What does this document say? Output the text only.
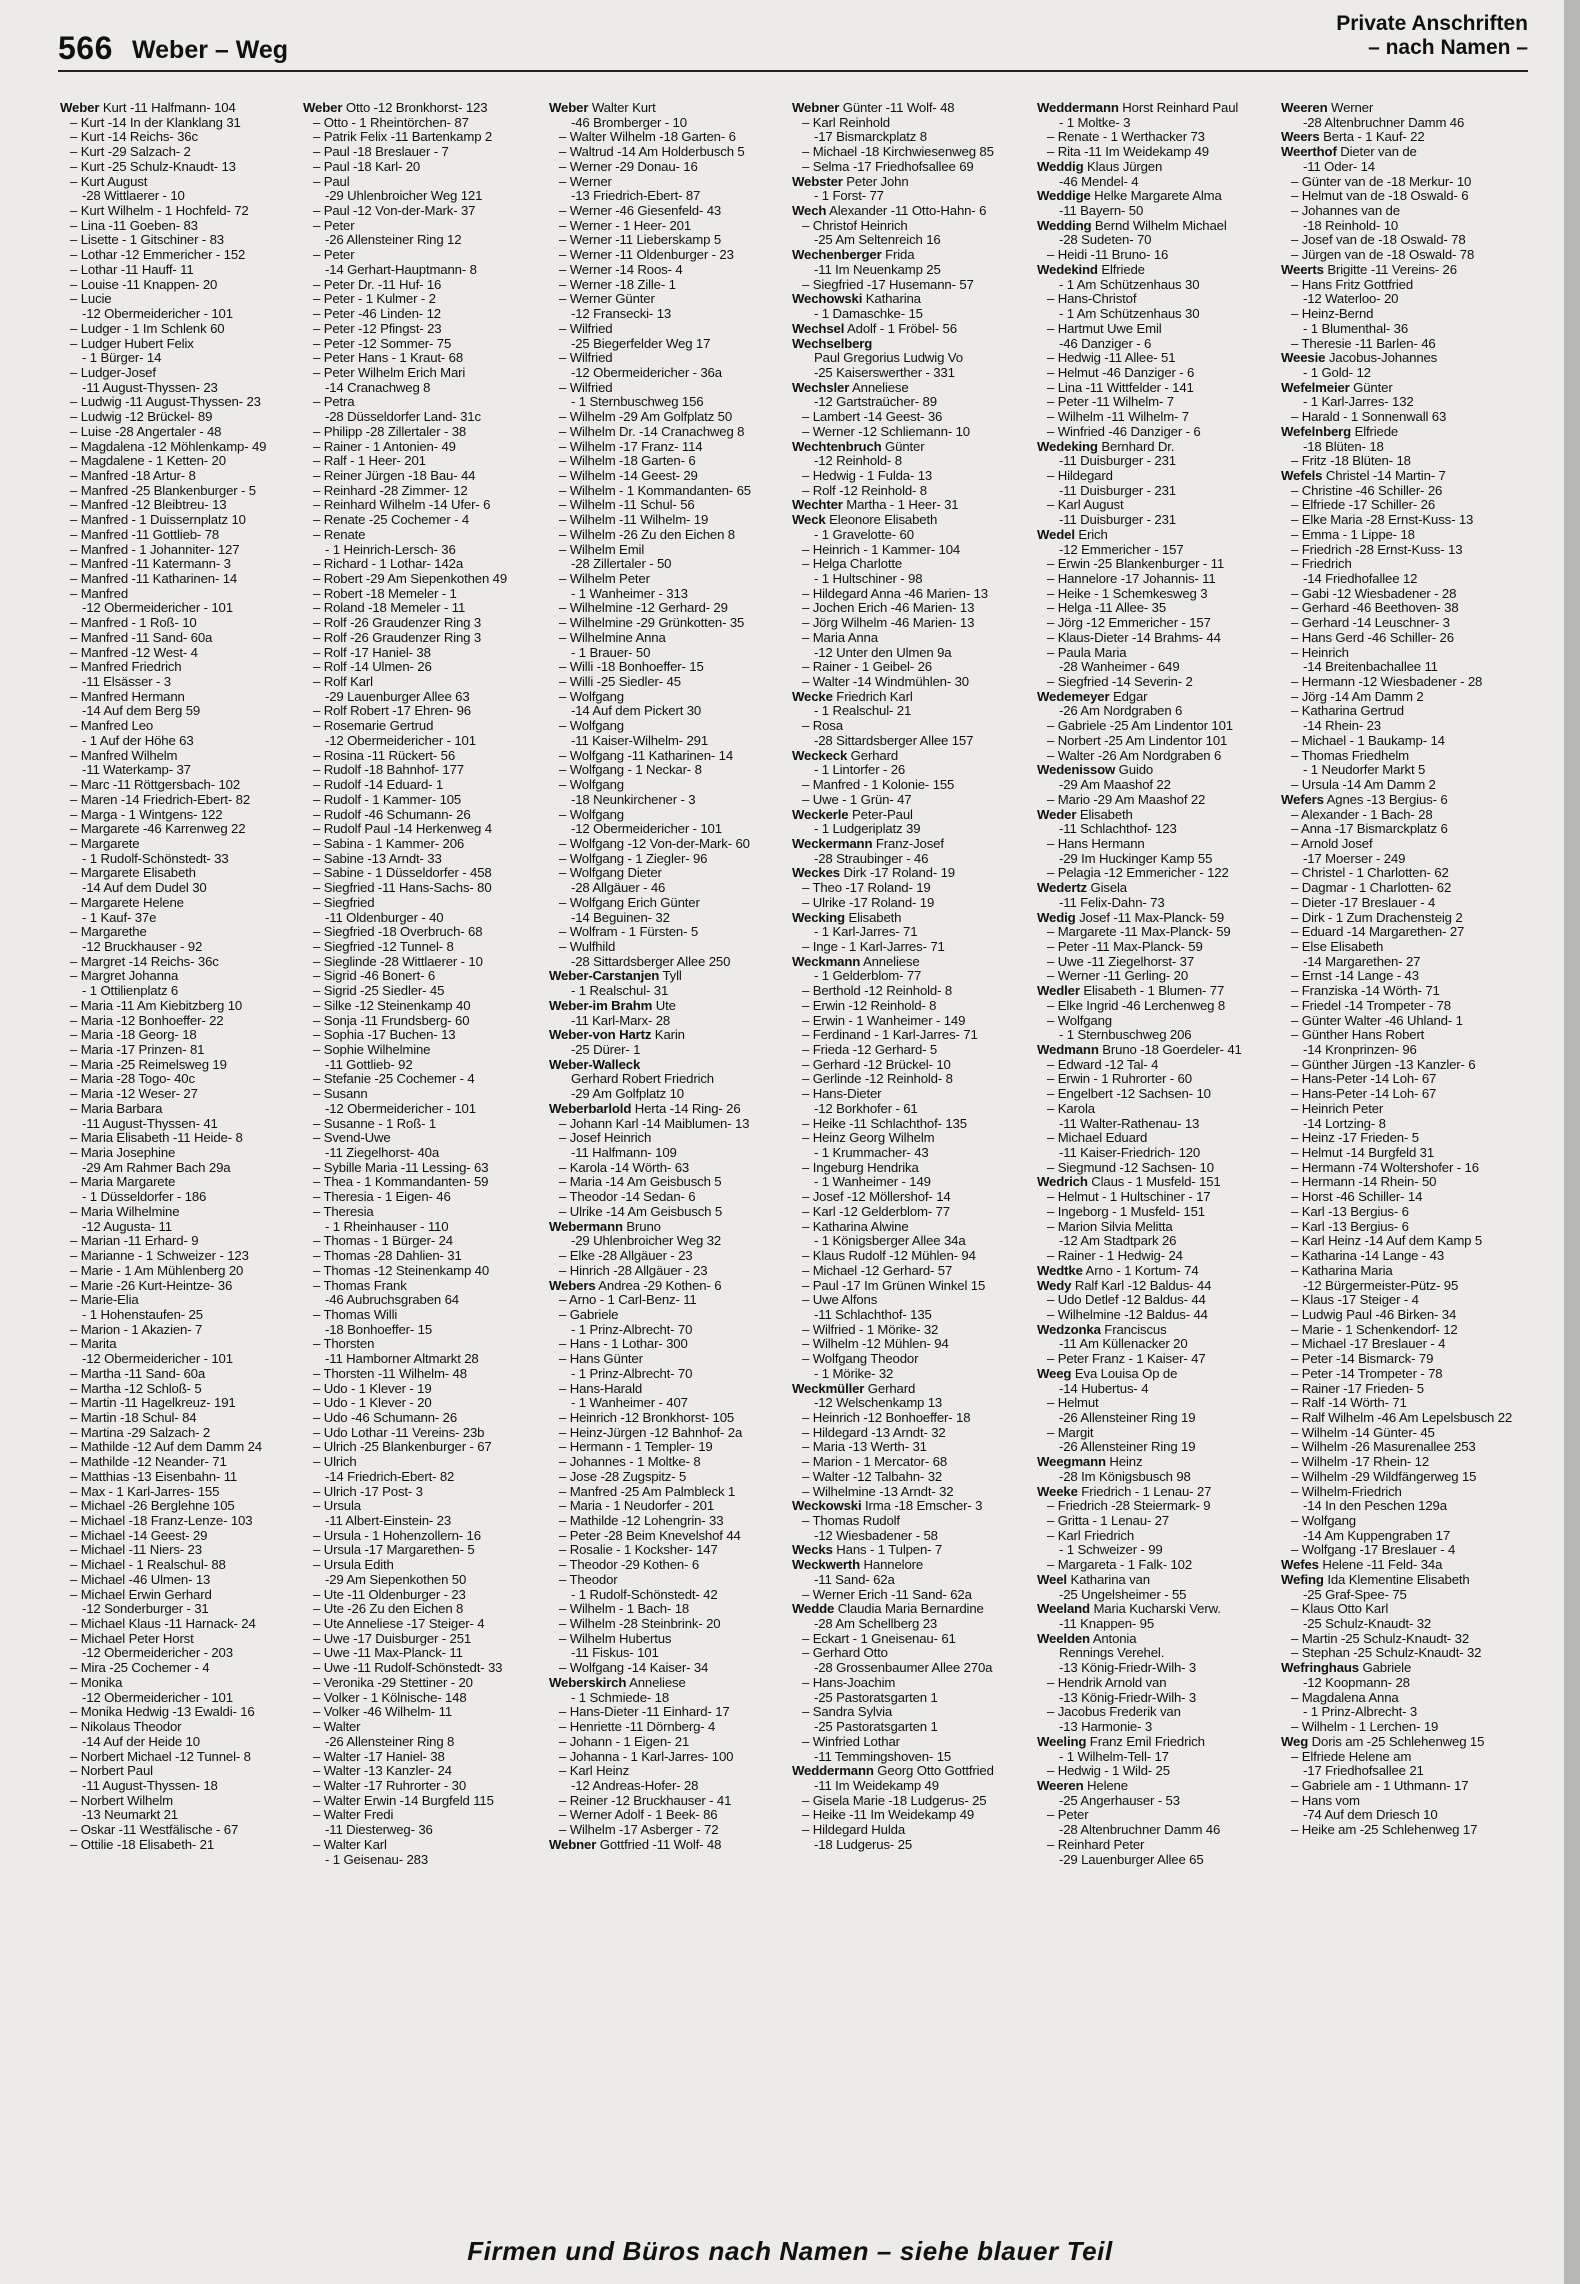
566 Weber – Weg
Private Anschriften
– nach Namen –
Weber Kurt -11 Halfmann- 104
– Kurt -14 In der Klanklang 31
– Kurt -14 Reichs- 36c
– Kurt -29 Salzach- 2
– Kurt -25 Schulz-Knaudt- 13
– Kurt August
-28 Wittlaerer - 10
– Kurt Wilhelm - 1 Hochfeld- 72
– Lina -11 Goeben- 83
– Lisette - 1 Gitschiner - 83
– Lothar -12 Emmericher - 152
– Lothar -11 Hauff- 11
– Louise -11 Knappen- 20
– Lucie
-12 Obermeidericher - 101
– Ludger - 1 Im Schlenk 60
– Ludger Hubert Felix
- 1 Bürger- 14
– Ludger-Josef
-11 August-Thyssen- 23
– Ludwig -11 August-Thyssen- 23
– Ludwig -12 Brückel- 89
– Luise -28 Angertaler - 48
– Magdalena -12 Möhlenkamp- 49
– Magdalene - 1 Ketten- 20
– Manfred -18 Artur- 8
– Manfred -25 Blankenburger - 5
– Manfred -12 Bleibtreu- 13
– Manfred - 1 Duissernplatz 10
– Manfred -11 Gottlieb- 78
– Manfred - 1 Johanniter- 127
– Manfred -11 Katermann- 3
– Manfred -11 Katharinen- 14
– Manfred
-12 Obermeidericher - 101
– Manfred - 1 Roß- 10
– Manfred -11 Sand- 60a
– Manfred -12 West- 4
– Manfred Friedrich
-11 Elsässer - 3
– Manfred Hermann
-14 Auf dem Berg 59
– Manfred Leo
- 1 Auf der Höhe 63
– Manfred Wilhelm
-11 Waterkamp- 37
– Marc -11 Röttgersbach- 102
– Maren -14 Friedrich-Ebert- 82
– Marga - 1 Wintgens- 122
– Margarete -46 Karrenweg 22
– Margarete
- 1 Rudolf-Schönstedt- 33
– Margarete Elisabeth
-14 Auf dem Dudel 30
– Margarete Helene
- 1 Kauf- 37e
– Margarethe
-12 Bruckhauser - 92
– Margret -14 Reichs- 36c
– Margret Johanna
- 1 Ottilienplatz 6
– Maria -11 Am Kiebitzberg 10
– Maria -12 Bonhoeffer- 22
– Maria -18 Georg- 18
– Maria -17 Prinzen- 81
– Maria -25 Reimelsweg 19
– Maria -28 Togo- 40c
– Maria -12 Weser- 27
– Maria Barbara
-11 August-Thyssen- 41
– Maria Elisabeth -11 Heide- 8
– Maria Josephine
-29 Am Rahmer Bach 29a
– Maria Margarete
- 1 Düsseldorfer - 186
– Maria Wilhelmine
-12 Augusta- 11
– Marian -11 Erhard- 9
– Marianne - 1 Schweizer - 123
– Marie - 1 Am Mühlenberg 20
– Marie -26 Kurt-Heintze- 36
– Marie-Elia
- 1 Hohenstaufen- 25
– Marion - 1 Akazien- 7
– Marita
-12 Obermeidericher - 101
– Martha -11 Sand- 60a
– Martha -12 Schloß- 5
– Martin -11 Hagelkreuz- 191
– Martin -18 Schul- 84
– Martina -29 Salzach- 2
– Mathilde -12 Auf dem Damm 24
– Mathilde -12 Neander- 71
– Matthias -13 Eisenbahn- 11
– Max - 1 Karl-Jarres- 155
– Michael -26 Berglehne 105
– Michael -18 Franz-Lenze- 103
– Michael -14 Geest- 29
– Michael -11 Niers- 23
– Michael - 1 Realschul- 88
– Michael -46 Ulmen- 13
– Michael Erwin Gerhard
-12 Sonderburger - 31
– Michael Klaus -11 Harnack- 24
– Michael Peter Horst
-12 Obermeidericher - 203
– Mira -25 Cochemer - 4
– Monika
-12 Obermeidericher - 101
– Monika Hedwig -13 Ewaldi- 16
– Nikolaus Theodor
-14 Auf der Heide 10
– Norbert Michael -12 Tunnel- 8
– Norbert Paul
-11 August-Thyssen- 18
– Norbert Wilhelm
-13 Neumarkt 21
– Oskar -11 Westfälische - 67
– Ottilie -18 Elisabeth- 21
Weber Otto -12 Bronkhorst- 123
– Otto - 1 Rheintörchen- 87
– Patrik Felix -11 Bartenkamp 2
– Paul -18 Breslauer - 7
– Paul -18 Karl- 20
– Paul
-29 Uhlenbroicher Weg 121
– Paul -12 Von-der-Mark- 37
– Peter
-26 Allensteiner Ring 12
– Peter
-14 Gerhart-Hauptmann- 8
– Peter Dr. -11 Huf- 16
– Peter - 1 Kulmer - 2
– Peter -46 Linden- 12
– Peter -12 Pfingst- 23
– Peter -12 Sommer- 75
– Peter Hans - 1 Kraut- 68
– Peter Wilhelm Erich Mari
-14 Cranachweg 8
– Petra
-28 Düsseldorfer Land- 31c
– Philipp -28 Zillertaler - 38
– Rainer - 1 Antonien- 49
– Ralf - 1 Heer- 201
– Reiner Jürgen -18 Bau- 44
– Reinhard -28 Zimmer- 12
– Reinhard Wilhelm -14 Ufer- 6
– Renate -25 Cochemer - 4
– Renate
- 1 Heinrich-Lersch- 36
– Richard - 1 Lothar- 142a
– Robert -29 Am Siepenkothen 49
– Robert -18 Memeler - 1
– Roland -18 Memeler - 11
– Rolf -26 Graudenzer Ring 3
– Rolf -26 Graudenzer Ring 3
– Rolf -17 Haniel- 38
– Rolf -14 Ulmen- 26
– Rolf Karl
-29 Lauenburger Allee 63
– Rolf Robert -17 Ehren- 96
– Rosemarie Gertrud
-12 Obermeidericher - 101
– Rosina -11 Rückert- 56
– Rudolf -18 Bahnhof- 177
– Rudolf -14 Eduard- 1
– Rudolf - 1 Kammer- 105
– Rudolf -46 Schumann- 26
– Rudolf Paul -14 Herkenweg 4
– Sabina - 1 Kammer- 206
– Sabine -13 Arndt- 33
– Sabine - 1 Düsseldorfer - 458
– Siegfried -11 Hans-Sachs- 80
– Siegfried
-11 Oldenburger - 40
– Siegfried -18 Overbruch- 68
– Siegfried -12 Tunnel- 8
– Sieglinde -28 Wittlaerer - 10
– Sigrid -46 Bonert- 6
– Sigrid -25 Siedler- 45
– Silke -12 Steinenkamp 40
– Sonja -11 Frundsberg- 60
– Sophia -17 Buchen- 13
– Sophie Wilhelmine
-11 Gottlieb- 92
– Stefanie -25 Cochemer - 4
– Susann
-12 Obermeidericher - 101
– Susanne - 1 Roß- 1
– Svend-Uwe
-11 Ziegelhorst- 40a
– Sybille Maria -11 Lessing- 63
– Thea - 1 Kommandanten- 59
– Theresia - 1 Eigen- 46
– Theresia
- 1 Rheinhauser - 110
– Thomas - 1 Bürger- 24
– Thomas -28 Dahlien- 31
– Thomas -12 Steinenkamp 40
– Thomas Frank
-46 Aubruchsgraben 64
– Thomas Willi
-18 Bonhoeffer- 15
– Thorsten
-11 Hamborner Altmarkt 28
– Thorsten -11 Wilhelm- 48
– Udo - 1 Klever - 19
– Udo - 1 Klever - 20
– Udo -46 Schumann- 26
– Udo Lothar -11 Vereins- 23b
– Ulrich -25 Blankenburger - 67
– Ulrich
-14 Friedrich-Ebert- 82
– Ulrich -17 Post- 3
– Ursula
-11 Albert-Einstein- 23
– Ursula - 1 Hohenzollern- 16
– Ursula -17 Margarethen- 5
– Ursula Edith
-29 Am Siepenkothen 50
– Ute -11 Oldenburger - 23
– Ute -26 Zu den Eichen 8
– Ute Anneliese -17 Steiger- 4
– Uwe -17 Duisburger - 251
– Uwe -11 Max-Planck- 11
– Uwe -11 Rudolf-Schönstedt- 33
– Veronika -29 Stettiner - 20
– Volker - 1 Kölnische- 148
– Volker -46 Wilhelm- 11
– Walter
-26 Allensteiner Ring 8
– Walter -17 Haniel- 38
– Walter -13 Kanzler- 24
– Walter -17 Ruhrorter - 30
– Walter Erwin -14 Burgfeld 115
– Walter Fredi
-11 Diesterweg- 36
– Walter Karl
- 1 Geisenau- 283
Weber Walter Kurt
-46 Bromberger - 10
– Walter Wilhelm -18 Garten- 6
– Waltrud -14 Am Holderbusch 5
– Werner -29 Donau- 16
– Werner
-13 Friedrich-Ebert- 87
– Werner -46 Giesenfeld- 43
– Werner - 1 Heer- 201
– Werner -11 Lieberskamp 5
– Werner -11 Oldenburger - 23
– Werner -14 Roos- 4
– Werner -18 Zille- 1
– Werner Günter
-12 Franseckі- 13
– Wilfried
-25 Biegerfelder Weg 17
– Wilfried
-12 Obermeidericher - 36a
– Wilfried
- 1 Sternbuschweg 156
– Wilhelm -29 Am Golfplatz 50
– Wilhelm Dr. -14 Cranachweg 8
– Wilhelm -17 Franz- 114
– Wilhelm -18 Garten- 6
– Wilhelm -14 Geest- 29
– Wilhelm - 1 Kommandanten- 65
– Wilhelm -11 Schul- 56
– Wilhelm -11 Wilhelm- 19
– Wilhelm -26 Zu den Eichen 8
– Wilhelm Emil
-28 Zillertaler - 50
– Wilhelm Peter
- 1 Wanheimer - 313
– Wilhelmine -12 Gerhard- 29
– Wilhelmine -29 Grünkotten- 35
– Wilhelmine Anna
- 1 Brauer- 50
– Willi -18 Bonhoeffer- 15
– Willi -25 Siedler- 45
– Wolfgang
-14 Auf dem Pickert 30
– Wolfgang
-11 Kaiser-Wilhelm- 291
– Wolfgang -11 Katharinen- 14
– Wolfgang - 1 Neckar- 8
– Wolfgang
-18 Neunkirchener - 3
– Wolfgang
-12 Obermeidericher - 101
– Wolfgang -12 Von-der-Mark- 60
– Wolfgang - 1 Ziegler- 96
– Wolfgang Dieter
-28 Allgäuer - 46
– Wolfgang Erich Günter
-14 Beguinen- 32
– Wolfram - 1 Fürsten- 5
– Wulfhild
-28 Sittardsberger Allee 250
Weber-Carstanjen Tyll
- 1 Realschul- 31
Weber-im Brahm Ute
-11 Karl-Marx- 28
Weber-von Hartz Karin
-25 Dürer- 1
Weber-Walleck
Gerhard Robert Friedrich
-29 Am Golfplatz 10
Weberbarlold Herta -14 Ring- 26
– Johann Karl -14 Maiblumen- 13
– Josef Heinrich
-11 Halfmann- 109
– Karola -14 Wörth- 63
– Maria -14 Am Geisbusch 5
– Theodor -14 Sedan- 6
– Ulrike -14 Am Geisbusch 5
Webermann Bruno
-29 Uhlenbroicher Weg 32
– Elke -28 Allgäuer - 23
– Hinrich -28 Allgäuer - 23
Webers Andrea -29 Kothen- 6
– Arno - 1 Carl-Benz- 11
– Gabriele
- 1 Prinz-Albrecht- 70
– Hans - 1 Lothar- 300
– Hans Günter
- 1 Prinz-Albrecht- 70
– Hans-Harald
- 1 Wanheimer - 407
– Heinrich -12 Bronkhorst- 105
– Heinz-Jürgen -12 Bahnhof- 2a
– Hermann - 1 Templer- 19
– Johannes - 1 Moltke- 8
– Jose -28 Zugspitz- 5
– Manfred -25 Am Palmbleck 1
– Maria - 1 Neudorfer - 201
– Mathilde -12 Lohengrin- 33
– Peter -28 Beim Knevelshof 44
– Rosalie - 1 Kocksher- 147
– Theodor -29 Kothen- 6
– Theodor
- 1 Rudolf-Schönstedt- 42
– Wilhelm - 1 Bach- 18
– Wilhelm -28 Steinbrink- 20
– Wilhelm Hubertus
-11 Fiskus- 101
– Wolfgang -14 Kaiser- 34
Weberskirch Anneliese
- 1 Schmiede- 18
– Hans-Dieter -11 Einhard- 17
– Henriette -11 Dörnberg- 4
– Johann - 1 Eigen- 21
– Johanna - 1 Karl-Jarres- 100
– Karl Heinz
-12 Andreas-Hofer- 28
– Reiner -12 Bruckhauser - 41
– Werner Adolf - 1 Beek- 86
– Wilhelm -17 Asberger - 72
Webner Gottfried -11 Wolf- 48
Webner Günter -11 Wolf- 48
– Karl Reinhold
-17 Bismarckplatz 8
– Michael -18 Kirchwiesenweg 85
– Selma -17 Friedhofsallee 69
Webster Peter John
- 1 Forst- 77
Wech Alexander -11 Otto-Hahn- 6
– Christof Heinrich
-25 Am Seltenreich 16
Wechenberger Frida
-11 Im Neuenkamp 25
– Siegfried -17 Husemann- 57
Wechowski Katharina
- 1 Damaschke- 15
Wechsel Adolf - 1 Fröbel- 56
Wechselberg
Paul Gregorius Ludwig Vo
-25 Kaiserswerther - 331
Wechsler Anneliese
-12 Gartstraücher- 89
– Lambert -14 Geest- 36
– Werner -12 Schliemann- 10
Wechtenbruch Günter
-12 Reinhold- 8
– Hedwig - 1 Fulda- 13
– Rolf -12 Reinhold- 8
Wechter Martha - 1 Heer- 31
Weck Eleonore Elisabeth
- 1 Gravelotte- 60
– Heinrich - 1 Kammer- 104
– Helga Charlotte
- 1 Hultschiner - 98
– Hildegard Anna -46 Marien- 13
– Jochen Erich -46 Marien- 13
– Jörg Wilhelm -46 Marien- 13
– Maria Anna
-12 Unter den Ulmen 9a
– Rainer - 1 Geibel- 26
– Walter -14 Windmühlen- 30
Wecke Friedrich Karl
- 1 Realschul- 21
– Rosa
-28 Sittardsberger Allee 157
Weckeck Gerhard
- 1 Lintorfer - 26
– Manfred - 1 Kolonie- 155
– Uwe - 1 Grün- 47
Weckerle Peter-Paul
- 1 Ludgeriplatz 39
Weckermann Franz-Josef
-28 Straubinger - 46
Weckes Dirk -17 Roland- 19
– Theo -17 Roland- 19
– Ulrike -17 Roland- 19
Wecking Elisabeth
- 1 Karl-Jarres- 71
– Inge - 1 Karl-Jarres- 71
Weckmann Anneliese
- 1 Gelderblom- 77
– Berthold -12 Reinhold- 8
– Erwin -12 Reinhold- 8
– Erwin - 1 Wanheimer - 149
– Ferdinand - 1 Karl-Jarres- 71
– Frieda -12 Gerhard- 5
– Gerhard -12 Brückel- 10
– Gerlinde -12 Reinhold- 8
– Hans-Dieter
-12 Borkhofer - 61
– Heike -11 Schlachthof- 135
– Heinz Georg Wilhelm
- 1 Krummacher- 43
– Ingeburg Hendrika
- 1 Wanheimer - 149
– Josef -12 Möllershof- 14
– Karl -12 Gelderblom- 77
– Katharina Alwine
- 1 Königsberger Allee 34a
– Klaus Rudolf -12 Mühlen- 94
– Michael -12 Gerhard- 57
– Paul -17 Im Grünen Winkel 15
– Uwe Alfons
-11 Schlachthof- 135
– Wilfried - 1 Mörike- 32
– Wilhelm -12 Mühlen- 94
– Wolfgang Theodor
- 1 Mörike- 32
Weckmüller Gerhard
-12 Welschenkamp 13
– Heinrich -12 Bonhoeffer- 18
– Hildegard -13 Arndt- 32
– Maria -13 Werth- 31
– Marion - 1 Mercator- 68
– Walter -12 Talbahn- 32
– Wilhelmine -13 Arndt- 32
Weckowski Irma -18 Emscher- 3
– Thomas Rudolf
-12 Wiesbadener - 58
Wecks Hans - 1 Tulpen- 7
Weckwerth Hannelore
-11 Sand- 62a
– Werner Erich -11 Sand- 62a
Wedde Claudia Maria Bernardine
-28 Am Schellberg 23
– Eckart - 1 Gneisenau- 61
– Gerhard Otto
-28 Grossenbaumer Allee 270a
– Hans-Joachim
-25 Pastoratsgarten 1
– Sandra Sylvia
-25 Pastoratsgarten 1
– Winfried Lothar
-11 Temmingshoven- 15
Weddermann Georg Otto Gottfried
-11 Im Weidekamp 49
– Gisela Marie -18 Ludgerus- 25
– Heike -11 Im Weidekamp 49
– Hildegard Hulda
-18 Ludgerus- 25
Weddermann Horst Reinhard Paul
- 1 Moltke- 3
– Renate - 1 Werthacker 73
– Rita -11 Im Weidekamp 49
Weddig Klaus Jürgen
-46 Mendel- 4
Weddige Helke Margarete Alma
-11 Bayern- 50
Wedding Bernd Wilhelm Michael
-28 Sudeten- 70
– Heidi -11 Bruno- 16
Wedekind Elfriede
- 1 Am Schützenhaus 30
– Hans-Christof
- 1 Am Schützenhaus 30
– Hartmut Uwe Emil
-46 Danziger - 6
– Hedwig -11 Allee- 51
– Helmut -46 Danziger - 6
– Lina -11 Wittfelder - 141
– Peter -11 Wilhelm- 7
– Wilhelm -11 Wilhelm- 7
– Winfried -46 Danziger - 6
Wedeking Bernhard Dr.
-11 Duisburger - 231
– Hildegard
-11 Duisburger - 231
– Karl August
-11 Duisburger - 231
Wedel Erich
-12 Emmericher - 157
– Erwin -25 Blankenburger - 11
– Hannelore -17 Johannis- 11
– Heike - 1 Schemkesweg 3
– Helga -11 Allee- 35
– Jörg -12 Emmericher - 157
– Klaus-Dieter -14 Brahms- 44
– Paula Maria
-28 Wanheimer - 649
– Siegfried -14 Severin- 2
Wedemeyer Edgar
-26 Am Nordgraben 6
– Gabriele -25 Am Lindentor 101
– Norbert -25 Am Lindentor 101
– Walter -26 Am Nordgraben 6
Wedenissow Guido
-29 Am Maashof 22
– Mario -29 Am Maashof 22
Weder Elisabeth
-11 Schlachthof- 123
– Hans Hermann
-29 Im Huckinger Kamp 55
– Pelagia -12 Emmericher - 122
Wedertz Gisela
-11 Felix-Dahn- 73
Wedig Josef -11 Max-Planck- 59
– Margarete -11 Max-Planck- 59
– Peter -11 Max-Planck- 59
– Uwe -11 Ziegelhorst- 37
– Werner -11 Gerling- 20
Wedler Elisabeth - 1 Blumen- 77
– Elke Ingrid -46 Lerchenweg 8
– Wolfgang
- 1 Sternbuschweg 206
Wedmann Bruno -18 Goerdeler- 41
– Edward -12 Tal- 4
– Erwin - 1 Ruhrorter - 60
– Engelbert -12 Sachsen- 10
– Karola
-11 Walter-Rathenau- 13
– Michael Eduard
-11 Kaiser-Friedrich- 120
– Siegmund -12 Sachsen- 10
Wedrich Claus - 1 Musfeld- 151
– Helmut - 1 Hultschiner - 17
– Ingeborg - 1 Musfeld- 151
– Marion Silvia Melitta
-12 Am Stadtpark 26
– Rainer - 1 Hedwig- 24
Wedtke Arno - 1 Kortum- 74
Wedy Ralf Karl -12 Baldus- 44
– Udo Detlef -12 Baldus- 44
– Wilhelmine -12 Baldus- 44
Wedzonka Franciscus
-11 Am Küllenacker 20
– Peter Franz - 1 Kaiser- 47
Weeg Eva Louisa Op de
-14 Hubertus- 4
– Helmut
-26 Allensteiner Ring 19
– Margit
-26 Allensteiner Ring 19
Weegmann Heinz
-28 Im Königsbusch 98
Weeke Friedrich - 1 Lenau- 27
– Friedrich -28 Steiermark- 9
– Gritta - 1 Lenau- 27
– Karl Friedrich
- 1 Schweizer - 99
– Margareta - 1 Falk- 102
Weel Katharina van
-25 Ungelsheimer - 55
Weeland Maria Kucharski Verw.
-11 Knappen- 95
Weelden Antonia
Rennings Verehel.
-13 König-Friedr-Wilh- 3
– Hendrik Arnold van
-13 König-Friedr-Wilh- 3
– Jacobus Frederik van
-13 Harmonie- 3
Weeling Franz Emil Friedrich
- 1 Wilhelm-Tell- 17
– Hedwig - 1 Wild- 25
Weeren Helene
-25 Angerhauser - 53
– Peter
-28 Altenbruchner Damm 46
– Reinhard Peter
-29 Lauenburger Allee 65
Weeren Werner
-28 Altenbruchner Damm 46
Weers Berta - 1 Kauf- 22
Weerthof Dieter van de
-11 Oder- 14
– Günter van de -18 Merkur- 10
– Helmut van de -18 Oswald- 6
– Johannes van de
-18 Reinhold- 10
– Josef van de -18 Oswald- 78
– Jürgen van de -18 Oswald- 78
Weerts Brigitte -11 Vereins- 26
– Hans Fritz Gottfried
-12 Waterloo- 20
– Heinz-Bernd
- 1 Blumenthal- 36
– Theresie -11 Barlen- 46
Weesie Jacobus-Johannes
- 1 Gold- 12
Wefelmeier Günter
- 1 Karl-Jarres- 132
– Harald - 1 Sonnenwall 63
Wefelnberg Elfriede
-18 Blüten- 18
– Fritz -18 Blüten- 18
Wefels Christel -14 Martin- 7
– Christine -46 Schiller- 26
– Elfriede -17 Schiller- 26
– Elke Maria -28 Ernst-Kuss- 13
– Emma - 1 Lippe- 18
– Friedrich -28 Ernst-Kuss- 13
– Friedrich
-14 Friedhofallee 12
– Gabi -12 Wiesbadener - 28
– Gerhard -46 Beethoven- 38
– Gerhard -14 Leuschner- 3
– Hans Gerd -46 Schiller- 26
– Heinrich
-14 Breitenbachallee 11
– Hermann -12 Wiesbadener - 28
– Jörg -14 Am Damm 2
– Katharina Gertrud
-14 Rhein- 23
– Michael - 1 Baukamp- 14
– Thomas Friedhelm
- 1 Neudorfer Markt 5
– Ursula -14 Am Damm 2
Wefers Agnes -13 Bergius- 6
– Alexander - 1 Bach- 28
– Anna -17 Bismarckplatz 6
– Arnold Josef
-17 Moerser - 249
– Christel - 1 Charlotten- 62
– Dagmar - 1 Charlotten- 62
– Dieter -17 Breslauer - 4
– Dirk - 1 Zum Drachensteig 2
– Eduard -14 Margarethen- 27
– Else Elisabeth
-14 Margarethen- 27
– Ernst -14 Lange - 43
– Franziska -14 Wörth- 71
– Friedel -14 Trompeter - 78
– Günter Walter -46 Uhland- 1
– Günther Hans Robert
-14 Kronprinzen- 96
– Günther Jürgen -13 Kanzler- 6
– Hans-Peter -14 Loh- 67
– Hans-Peter -14 Loh- 67
– Heinrich Peter
-14 Lortzing- 8
– Heinz -17 Frieden- 5
– Helmut -14 Burgfeld 31
– Hermann -74 Woltershofer - 16
– Hermann -14 Rhein- 50
– Horst -46 Schiller- 14
– Karl -13 Bergius- 6
– Karl -13 Bergius- 6
– Karl Heinz -14 Auf dem Kamp 5
– Katharina -14 Lange - 43
– Katharina Maria
-12 Bürgermeister-Pütz- 95
– Klaus -17 Steiger - 4
– Ludwig Paul -46 Birken- 34
– Marie - 1 Schenkendorf- 12
– Michael -17 Breslauer - 4
– Peter -14 Bismarck- 79
– Peter -14 Trompeter - 78
– Rainer -17 Frieden- 5
– Ralf -14 Wörth- 71
– Ralf Wilhelm -46 Am Lepelsbusch 22
– Wilhelm -14 Günter- 45
– Wilhelm -26 Masurenallee 253
– Wilhelm -17 Rhein- 12
– Wilhelm -29 Wildfängerweg 15
– Wilhelm-Friedrich
-14 In den Peschen 129a
– Wolfgang
-14 Am Kuppengraben 17
– Wolfgang -17 Breslauer - 4
Wefes Helene -11 Feld- 34a
Wefing Ida Klementine Elisabeth
-25 Graf-Spee- 75
– Klaus Otto Karl
-25 Schulz-Knaudt- 32
– Martin -25 Schulz-Knaudt- 32
– Stephan -25 Schulz-Knaudt- 32
Wefringhaus Gabriele
-12 Koopmann- 28
– Magdalena Anna
- 1 Prinz-Albrecht- 3
– Wilhelm - 1 Lerchen- 19
Weg Doris am -25 Schlehenweg 15
– Elfriede Helene am
-17 Friedhofsallee 21
– Gabriele am - 1 Uthmann- 17
– Hans vom
-74 Auf dem Driesch 10
– Heike am -25 Schlehenweg 17
Firmen und Büros nach Namen – siehe blauer Teil
